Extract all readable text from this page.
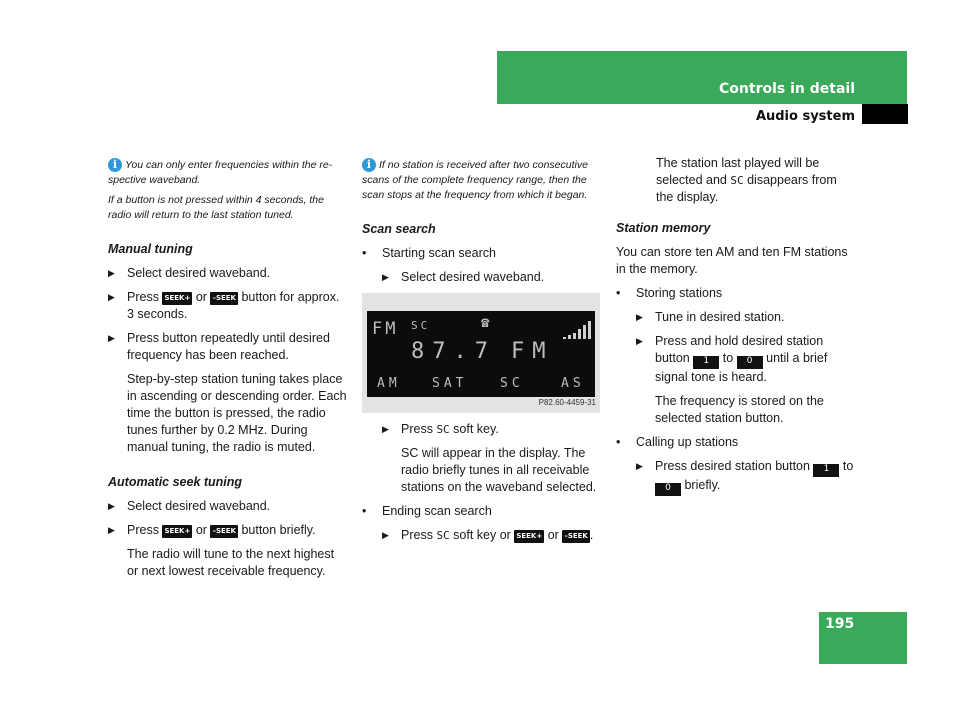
Controls in detail
Audio system
i You can only enter frequencies within the re-spective waveband.

If a button is not pressed within 4 seconds, the radio will return to the last station tuned.

Manual tuning
▶ Select desired waveband.
▶ Press SEEK+ or –SEEK button for approx. 3 seconds.
▶ Press button repeatedly until desired frequency has been reached.
Step-by-step station tuning takes place in ascending or descending order. Each time the button is pressed, the radio tunes further by 0.2 MHz. During manual tuning, the radio is muted.
Automatic seek tuning
▶ Select desired waveband.
▶ Press SEEK+ or –SEEK button briefly.
The radio will tune to the next highest or next lowest receivable frequency.
i If no station is received after two consecutive scans of the complete frequency range, then the scan stops at the frequency from which it began.

Scan search
• Starting scan search
▶ Select desired waveband.
FM SC	☎
87.7 FM
AM SAT	SC	AS
P82.60-4459-31
▶ Press SC soft key.
SC will appear in the display. The radio briefly tunes in all receivable stations on the waveband selected.
• Ending scan search
▶ Press SC soft key or SEEK+ or –SEEK .
The station last played will be selected and SC disappears from the display.
Station memory
You can store ten AM and ten FM stations in the memory.
• Storing stations
▶ Tune in desired station.
▶ Press and hold desired station button 1 to 0 until a brief signal tone is heard.
The frequency is stored on the selected station button.
• Calling up stations
▶ Press desired station button 1 to 0 briefly.
195
